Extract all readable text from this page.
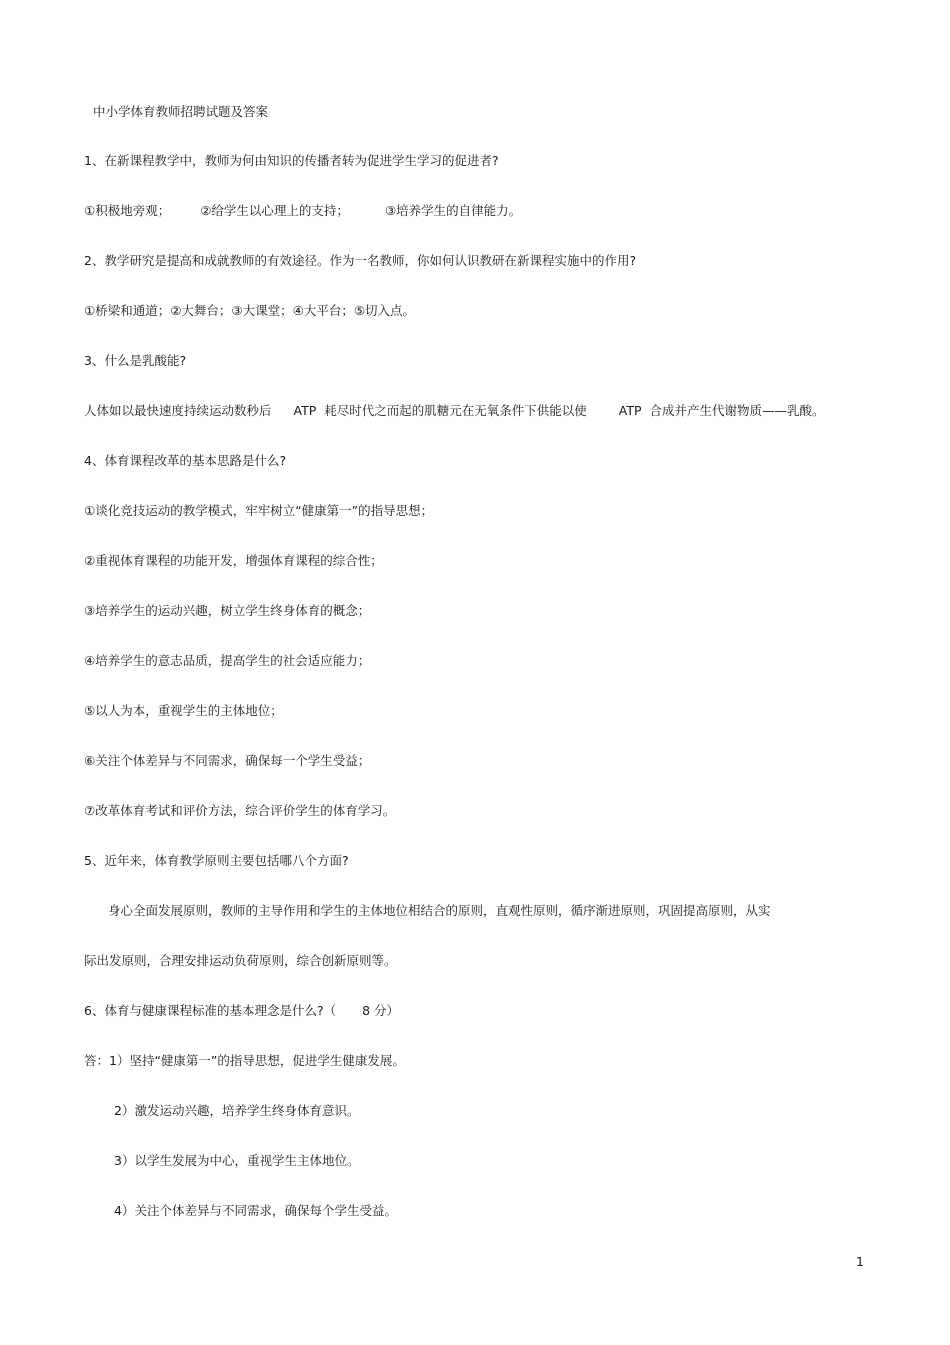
中小学体育教师招聘试题及答案
1、在新课程教学中，教师为何由知识的传播者转为促进学生学习的促进者?
①积极地旁观； ②给学生以心理上的支持；	③培养学生的自律能力。
2、教学研究是提高和成就教师的有效途径。作为一名教师，你如何认识教研在新课程实施中的作用?
①桥梁和通道；②大舞台；③大课堂；④大平台；⑤切入点。
3、什么是乳酸能?
人体如以最快速度持续运动数秒后 ATP 耗尽时代之而起的肌糖元在无氧条件下供能以使	ATP 合成并产生代谢物质——乳酸。
4、体育课程改革的基本思路是什么?
①谈化竞技运动的教学模式，牢牢树立“健康第一”的指导思想；
②重视体育课程的功能开发，增强体育课程的综合性；
③培养学生的运动兴趣，树立学生终身体育的概念；
④培养学生的意志品质，提高学生的社会适应能力；
⑤以人为本，重视学生的主体地位；
⑥关注个体差异与不同需求，确保每一个学生受益；
⑦改革体育考试和评价方法，综合评价学生的体育学习。
5、近年来，体育教学原则主要包括哪八个方面?
身心全面发展原则，教师的主导作用和学生的主体地位相结合的原则，直观性原则，循序渐进原则，巩固提高原则，从实
际出发原则，合理安排运动负荷原则，综合创新原则等。
6、体育与健康课程标准的基本理念是什么?（ 8 分）
答：1）坚持“健康第一”的指导思想，促进学生健康发展。
2）激发运动兴趣，培养学生终身体育意识。
3）以学生发展为中心，重视学生主体地位。
4）关注个体差异与不同需求，确保每个学生受益。
1
